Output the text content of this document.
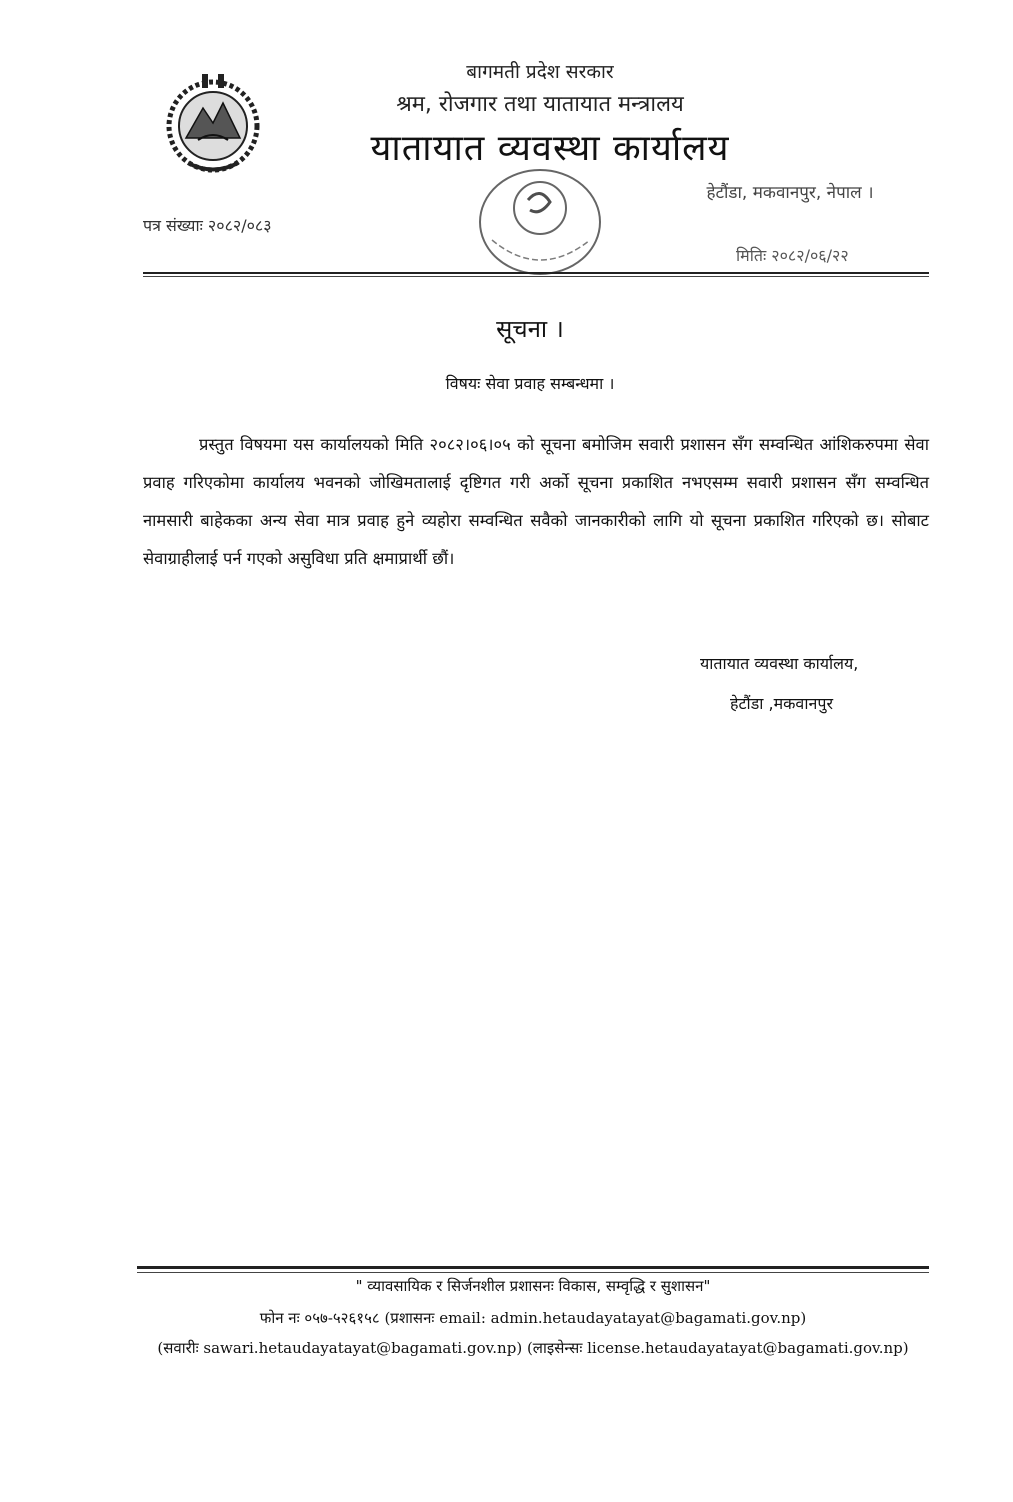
बागमती प्रदेश सरकार
श्रम, रोजगार तथा यातायात मन्त्रालय
यातायात व्यवस्था कार्यालय
हेटौंडा, मकवानपुर, नेपाल ।
पत्र संख्याः २०८२/०८३
मितिः २०८२/०६/२२
सूचना ।
विषयः सेवा प्रवाह सम्बन्धमा ।
प्रस्तुत विषयमा यस कार्यालयको मिति २०८२।०६।०५ को सूचना बमोजिम सवारी प्रशासन सँग सम्वन्धित आंशिकरुपमा सेवा प्रवाह गरिएकोमा कार्यालय भवनको जोखिमतालाई दृष्टिगत गरी अर्को सूचना प्रकाशित नभएसम्म सवारी प्रशासन सँग सम्वन्धित नामसारी बाहेकका अन्य सेवा मात्र प्रवाह हुने व्यहोरा सम्वन्धित सवैको जानकारीको लागि यो सूचना प्रकाशित गरिएको छ। सोबाट सेवाग्राहीलाई पर्न गएको असुविधा प्रति क्षमाप्रार्थी छौं।
यातायात व्यवस्था कार्यालय,
हेटौंडा ,मकवानपुर
" व्यावसायिक र सिर्जनशील प्रशासनः विकास, सम्वृद्धि र सुशासन"
फोन नः ०५७-५२६१५८ (प्रशासनः email: admin.hetaudayatayat@bagamati.gov.np)
(सवारीः sawari.hetaudayatayat@bagamati.gov.np) (लाइसेन्सः license.hetaudayatayat@bagamati.gov.np)
